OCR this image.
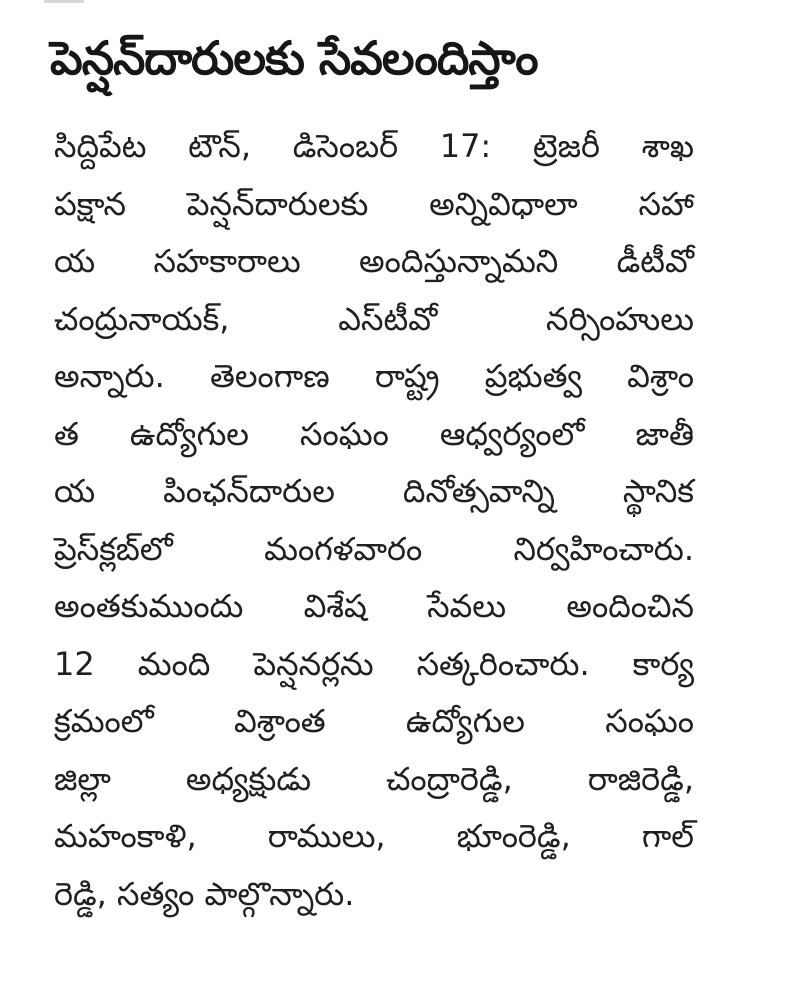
పెన్షన్‌దారులకు సేవలందిస్తాం
సిద్దిపేట టౌన్, డిసెంబర్ 17: ట్రెజరీ శాఖ
పక్షాన పెన్షన్‌దారులకు అన్నివిధాలా సహా
య సహకారాలు అందిస్తున్నామని డీటీవో
చంద్రునాయక్, ఎస్‌టీవో నర్సింహులు
అన్నారు. తెలంగాణ రాష్ట్ర ప్రభుత్వ విశ్రాం
త ఉద్యోగుల సంఘం ఆధ్వర్యంలో జాతీ
య పింఛన్‌దారుల దినోత్సవాన్ని స్థానిక
ప్రెస్‌క్లబ్‌లో మంగళవారం నిర్వహించారు.
అంతకుముందు విశేష సేవలు అందించిన
12 మంది పెన్షనర్లను సత్కరించారు. కార్య
క్రమంలో విశ్రాంత ఉద్యోగుల సంఘం
జిల్లా అధ్యక్షుడు చంద్రారెడ్డి, రాజిరెడ్డి,
మహంకాళి, రాములు, భూంరెడ్డి, గాల్
రెడ్డి, సత్యం పాల్గొన్నారు.
